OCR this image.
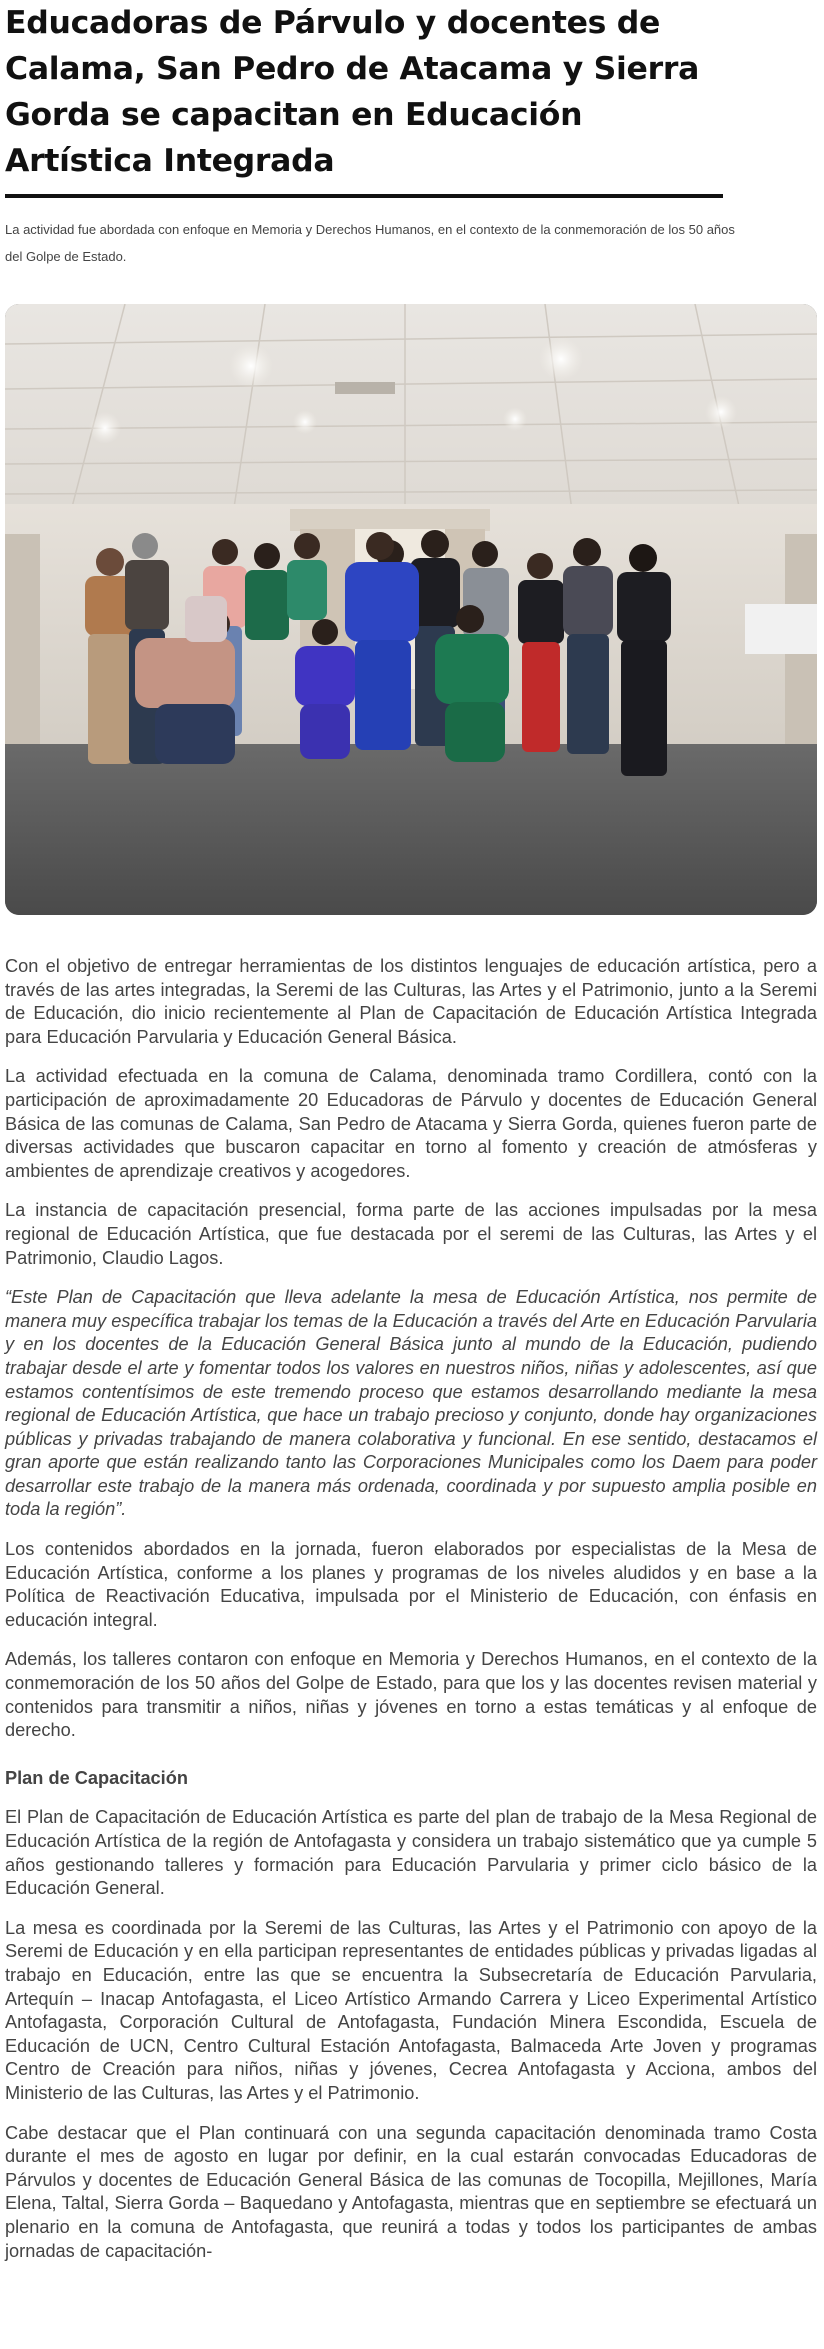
Educadoras de Párvulo y docentes de Calama, San Pedro de Atacama y Sierra Gorda se capacitan en Educación Artística Integrada
La actividad fue abordada con enfoque en Memoria y Derechos Humanos, en el contexto de la conmemoración de los 50 años del Golpe de Estado.

Con el objetivo de entregar herramientas de los distintos lenguajes de educación artística, pero a través de las artes integradas, la Seremi de las Culturas, las Artes y el Patrimonio, junto a la Seremi de Educación, dio inicio recientemente al Plan de Capacitación de Educación Artística Integrada para Educación Parvularia y Educación General Básica.

La actividad efectuada en la comuna de Calama, denominada tramo Cordillera, contó con la participación de aproximadamente 20 Educadoras de Párvulo y docentes de Educación General Básica de las comunas de Calama, San Pedro de Atacama y Sierra Gorda, quienes fueron parte de diversas actividades que buscaron capacitar en torno al fomento y creación de atmósferas y ambientes de aprendizaje creativos y acogedores.

La instancia de capacitación presencial, forma parte de las acciones impulsadas por la mesa regional de Educación Artística, que fue destacada por el seremi de las Culturas, las Artes y el Patrimonio, Claudio Lagos.

“Este Plan de Capacitación que lleva adelante la mesa de Educación Artística, nos permite de manera muy específica trabajar los temas de la Educación a través del Arte en Educación Parvularia y en los docentes de la Educación General Básica junto al mundo de la Educación, pudiendo trabajar desde el arte y fomentar todos los valores en nuestros niños, niñas y adolescentes, así que estamos contentísimos de este tremendo proceso que estamos desarrollando mediante la mesa regional de Educación Artística, que hace un trabajo precioso y conjunto, donde hay organizaciones públicas y privadas trabajando de manera colaborativa y funcional. En ese sentido, destacamos el gran aporte que están realizando tanto las Corporaciones Municipales como los Daem para poder desarrollar este trabajo de la manera más ordenada, coordinada y por supuesto amplia posible en toda la región”.

Los contenidos abordados en la jornada, fueron elaborados por especialistas de la Mesa de Educación Artística, conforme a los planes y programas de los niveles aludidos y en base a la Política de Reactivación Educativa, impulsada por el Ministerio de Educación, con énfasis en educación integral.

Además, los talleres contaron con enfoque en Memoria y Derechos Humanos, en el contexto de la conmemoración de los 50 años del Golpe de Estado, para que los y las docentes revisen material y contenidos para transmitir a niños, niñas y jóvenes en torno a estas temáticas y al enfoque de derecho.

Plan de Capacitación

El Plan de Capacitación de Educación Artística es parte del plan de trabajo de la Mesa Regional de Educación Artística de la región de Antofagasta y considera un trabajo sistemático que ya cumple 5 años gestionando talleres y formación para Educación Parvularia y primer ciclo básico de la Educación General.

La mesa es coordinada por la Seremi de las Culturas, las Artes y el Patrimonio con apoyo de la Seremi de Educación y en ella participan representantes de entidades públicas y privadas ligadas al trabajo en Educación, entre las que se encuentra la Subsecretaría de Educación Parvularia, Artequín – Inacap Antofagasta, el Liceo Artístico Armando Carrera y Liceo Experimental Artístico Antofagasta, Corporación Cultural de Antofagasta, Fundación Minera Escondida, Escuela de Educación de UCN, Centro Cultural Estación Antofagasta, Balmaceda Arte Joven y programas Centro de Creación para niños, niñas y jóvenes, Cecrea Antofagasta y Acciona, ambos del Ministerio de las Culturas, las Artes y el Patrimonio.

Cabe destacar que el Plan continuará con una segunda capacitación denominada tramo Costa durante el mes de agosto en lugar por definir, en la cual estarán convocadas Educadoras de Párvulos y docentes de Educación General Básica de las comunas de Tocopilla, Mejillones, María Elena, Taltal, Sierra Gorda – Baquedano y Antofagasta, mientras que en septiembre se efectuará un plenario en la comuna de Antofagasta, que reunirá a todas y todos los participantes de ambas jornadas de capacitación-
